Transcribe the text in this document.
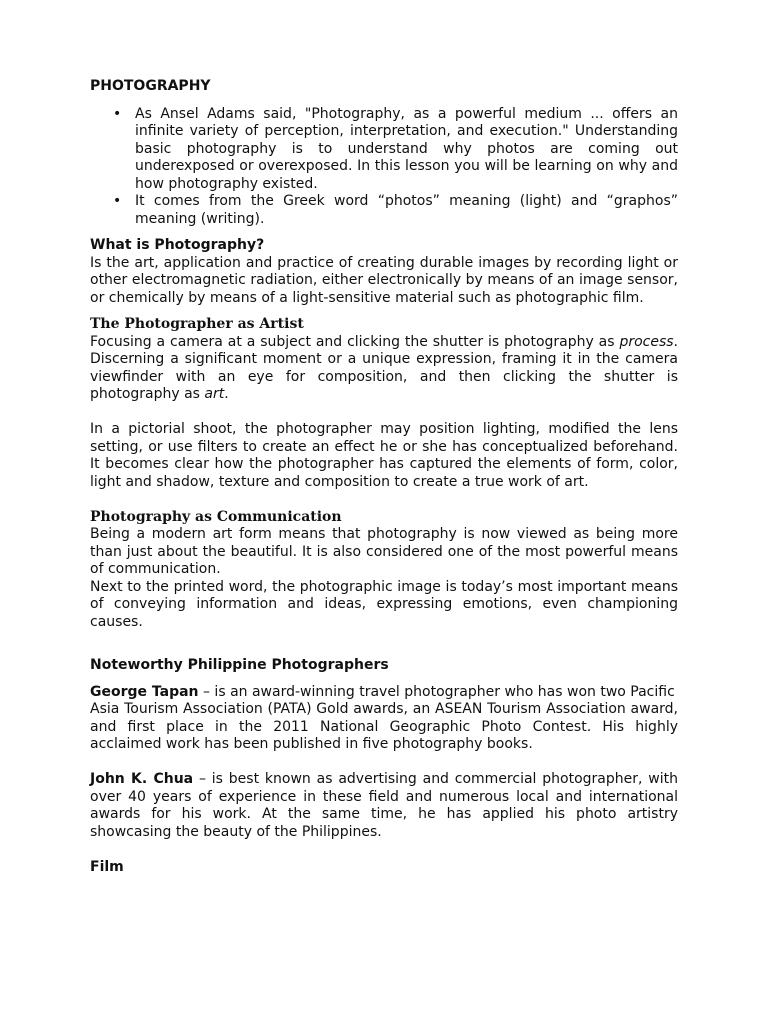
PHOTOGRAPHY

• As Ansel Adams said, "Photography, as a powerful medium ... offers an infinite variety of perception, interpretation, and execution." Understanding basic photography is to understand why photos are coming out underexposed or overexposed. In this lesson you will be learning on why and how photography existed.

• It comes from the Greek word “photos” meaning (light) and “graphos” meaning (writing).

What is Photography?

Is the art, application and practice of creating durable images by recording light or other electromagnetic radiation, either electronically by means of an image sensor, or chemically by means of a light-sensitive material such as photographic film.

The Photographer as Artist

Focusing a camera at a subject and clicking the shutter is photography as process. Discerning a significant moment or a unique expression, framing it in the camera viewfinder with an eye for composition, and then clicking the shutter is photography as art.

In a pictorial shoot, the photographer may position lighting, modified the lens setting, or use filters to create an effect he or she has conceptualized beforehand. It becomes clear how the photographer has captured the elements of form, color, light and shadow, texture and composition to create a true work of art.

Photography as Communication

Being a modern art form means that photography is now viewed as being more than just about the beautiful. It is also considered one of the most powerful means of communication.

Next to the printed word, the photographic image is today’s most important means of conveying information and ideas, expressing emotions, even championing causes.

Noteworthy Philippine Photographers

George Tapan – is an award-winning travel photographer who has won two Pacific

Asia Tourism Association (PATA) Gold awards, an ASEAN Tourism Association award, and first place in the 2011 National Geographic Photo Contest. His highly acclaimed work has been published in five photography books.

John K. Chua – is best known as advertising and commercial photographer, with over 40 years of experience in these field and numerous local and international awards for his work. At the same time, he has applied his photo artistry showcasing the beauty of the Philippines.

Film
